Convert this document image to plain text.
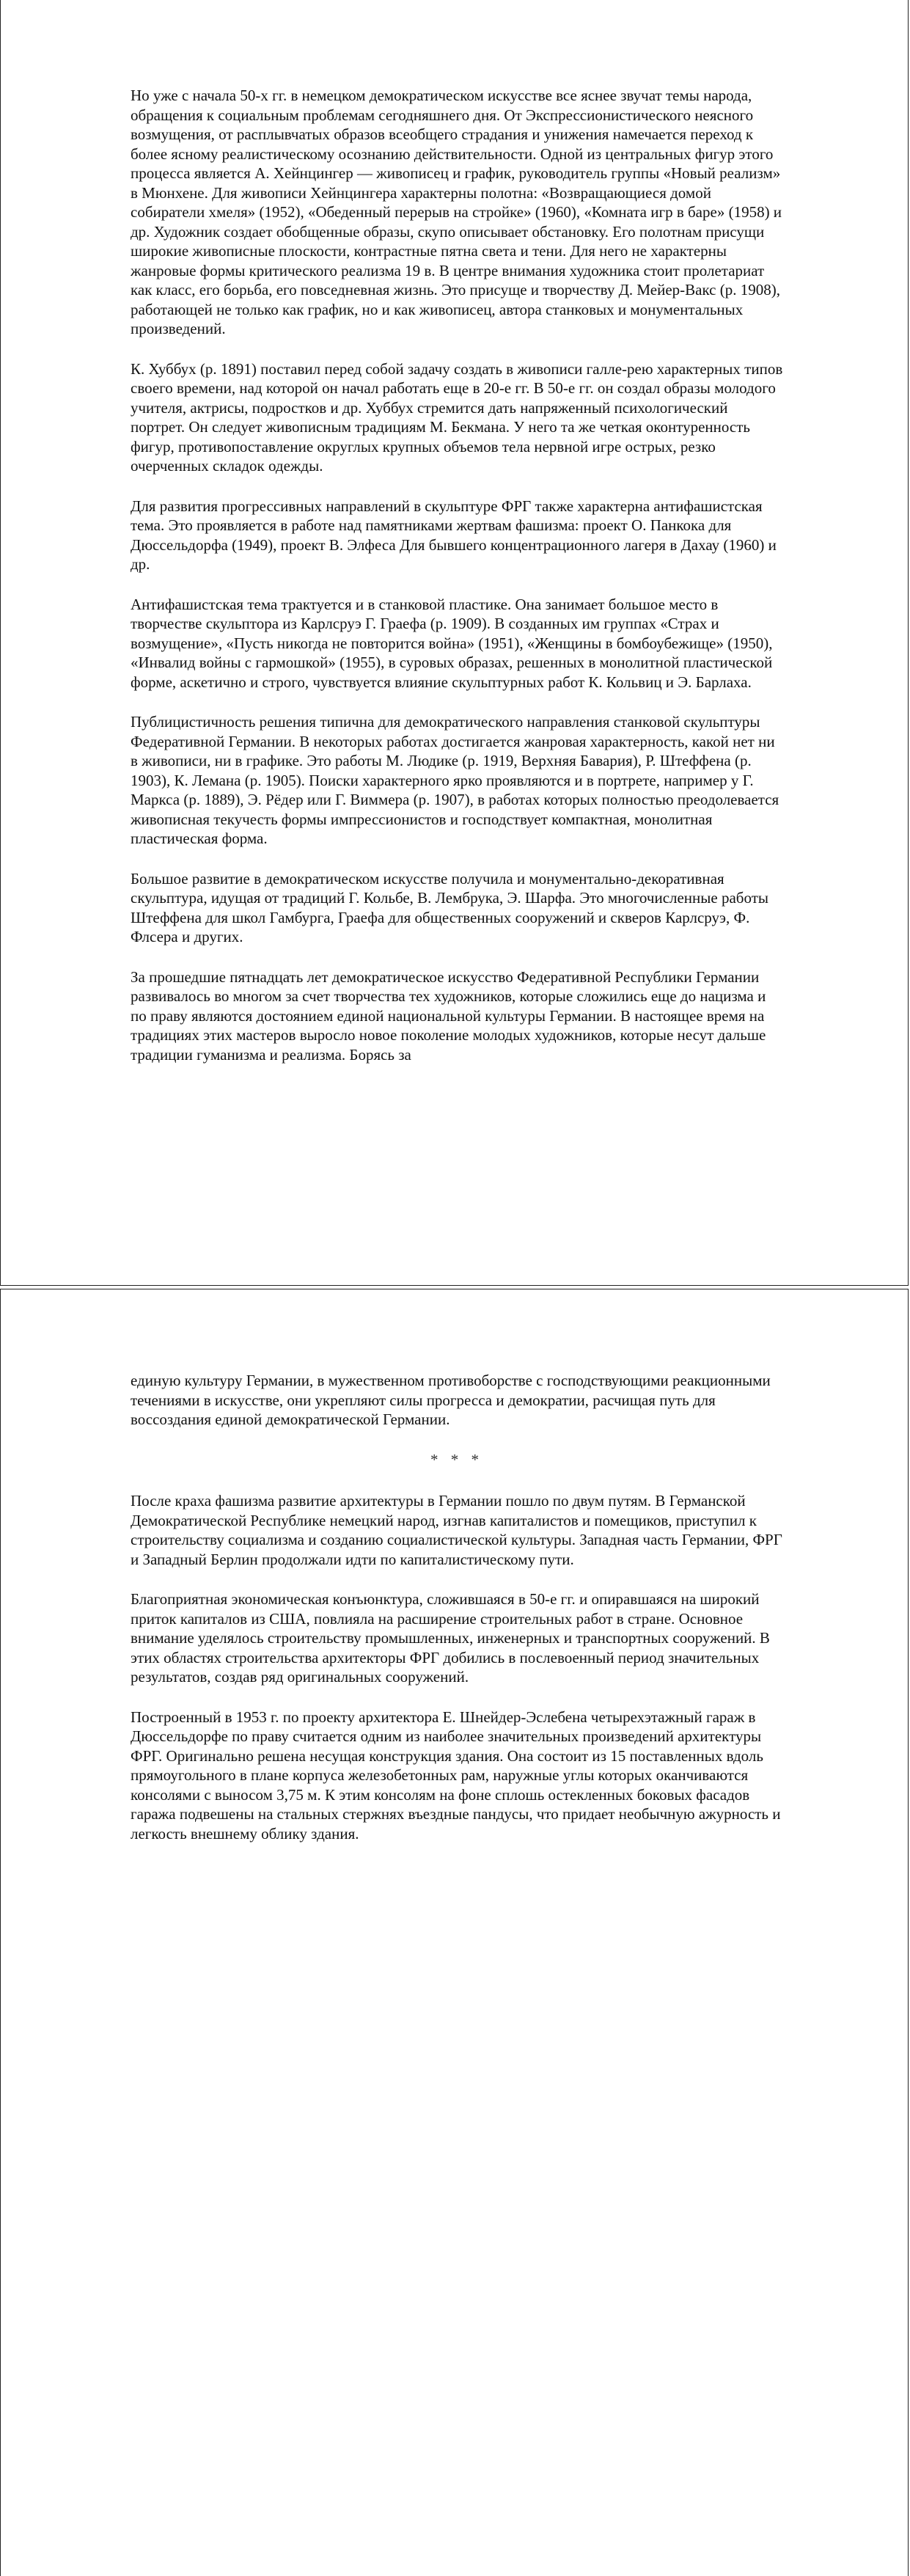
Но уже с начала 50-х гг. в немецком демократическом искусстве все яснее звучат темы народа, обращения к социальным проблемам сегодняшнего дня. От Экспрессионистического неясного возмущения, от расплывчатых образов всеобщего страдания и унижения намечается переход к более ясному реалистическому осознанию действительности. Одной из центральных фигур этого процесса является А. Хейнцингер — живописец и график, руководитель группы «Новый реализм» в Мюнхене. Для живописи Хейнцингера характерны полотна: «Возвращающиеся домой собиратели хмеля» (1952), «Обеденный перерыв на стройке» (1960), «Комната игр в баре» (1958) и др. Художник создает обобщенные образы, скупо описывает обстановку. Его полотнам присущи широкие живописные плоскости, контрастные пятна света и тени. Для него не характерны жанровые формы критического реализма 19 в. В центре внимания художника стоит пролетариат как класс, его борьба, его повседневная жизнь. Это присуще и творчеству Д. Мейер-Вакс (р. 1908), работающей не только как график, но и как живописец, автора станковых и монументальных произведений.

К. Хуббух (р. 1891) поставил перед собой задачу создать в живописи галле-рею характерных типов своего времени, над которой он начал работать еще в 20-е гг. В 50-е гг. он создал образы молодого учителя, актрисы, подростков и др. Хуббух стремится дать напряженный психологический портрет. Он следует живописным традициям М. Бекмана. У него та же четкая оконтуренность фигур, противопоставление округлых крупных объемов тела нервной игре острых, резко очерченных складок одежды.

Для развития прогрессивных направлений в скульптуре ФРГ также характерна антифашистская тема. Это проявляется в работе над памятниками жертвам фашизма: проект О. Панкока для Дюссельдорфа (1949), проект В. Элфеса Для бывшего концентрационного лагеря в Дахау (1960) и др.

Антифашистская тема трактуется и в станковой пластике. Она занимает большое место в творчестве скульптора из Карлсруэ Г. Граефа (р. 1909). В созданных им группах «Страх и возмущение», «Пусть никогда не повторится война» (1951), «Женщины в бомбоубежище» (1950), «Инвалид войны с гармошкой» (1955), в суровых образах, решенных в монолитной пластической форме, аскетично и строго, чувствуется влияние скульптурных работ К. Кольвиц и Э. Барлаха.

Публицистичность решения типична для демократического направления станковой скульптуры Федеративной Германии. В некоторых работах достигается жанровая характерность, какой нет ни в живописи, ни в графике. Это работы М. Людике (р. 1919, Верхняя Бавария), Р. Штеффена (р. 1903), К. Лемана (р. 1905). Поиски характерного ярко проявляются и в портрете, например у Г. Маркса (р. 1889), Э. Рёдер или Г. Виммера (р. 1907), в работах которых полностью преодолевается живописная текучесть формы импрессионистов и господствует компактная, монолитная пластическая форма.

Большое развитие в демократическом искусстве получила и монументально-декоративная скульптура, идущая от традиций Г. Кольбе, В. Лембрука, Э. Шарфа. Это многочисленные работы Штеффена для школ Гамбурга, Граефа для общественных сооружений и скверов Карлсруэ, Ф. Флсера и других.

За прошедшие пятнадцать лет демократическое искусство Федеративной Республики Германии развивалось во многом за счет творчества тех художников, которые сложились еще до нацизма и по праву являются достоянием единой национальной культуры Германии. В настоящее время на традициях этих мастеров выросло новое поколение молодых художников, которые несут дальше традиции гуманизма и реализма. Борясь за

единую культуру Германии, в мужественном противоборстве с господствующими реакционными течениями в искусстве, они укрепляют силы прогресса и демократии, расчищая путь для воссоздания единой демократической Германии.

* * *

После краха фашизма развитие архитектуры в Германии пошло по двум путям. В Германской Демократической Республике немецкий народ, изгнав капиталистов и помещиков, приступил к строительству социализма и созданию социалистической культуры. Западная часть Германии, ФРГ и Западный Берлин продолжали идти по капиталистическому пути.

Благоприятная экономическая конъюнктура, сложившаяся в 50-е гг. и опиравшаяся на широкий приток капиталов из США, повлияла на расширение строительных работ в стране. Основное внимание уделялось строительству промышленных, инженерных и транспортных сооружений. В этих областях строительства архитекторы ФРГ добились в послевоенный период значительных результатов, создав ряд оригинальных сооружений.

Построенный в 1953 г. по проекту архитектора Е. Шнейдер-Эслебена четырехэтажный гараж в Дюссельдорфе по праву считается одним из наиболее значительных произведений архитектуры ФРГ. Оригинально решена несущая конструкция здания. Она состоит из 15 поставленных вдоль прямоугольного в плане корпуса железобетонных рам, наружные углы которых оканчиваются консолями с выносом 3,75 м. К этим консолям на фоне сплошь остекленных боковых фасадов гаража подвешены на стальных стержнях въездные пандусы, что придает необычную ажурность и легкость внешнему облику здания.
